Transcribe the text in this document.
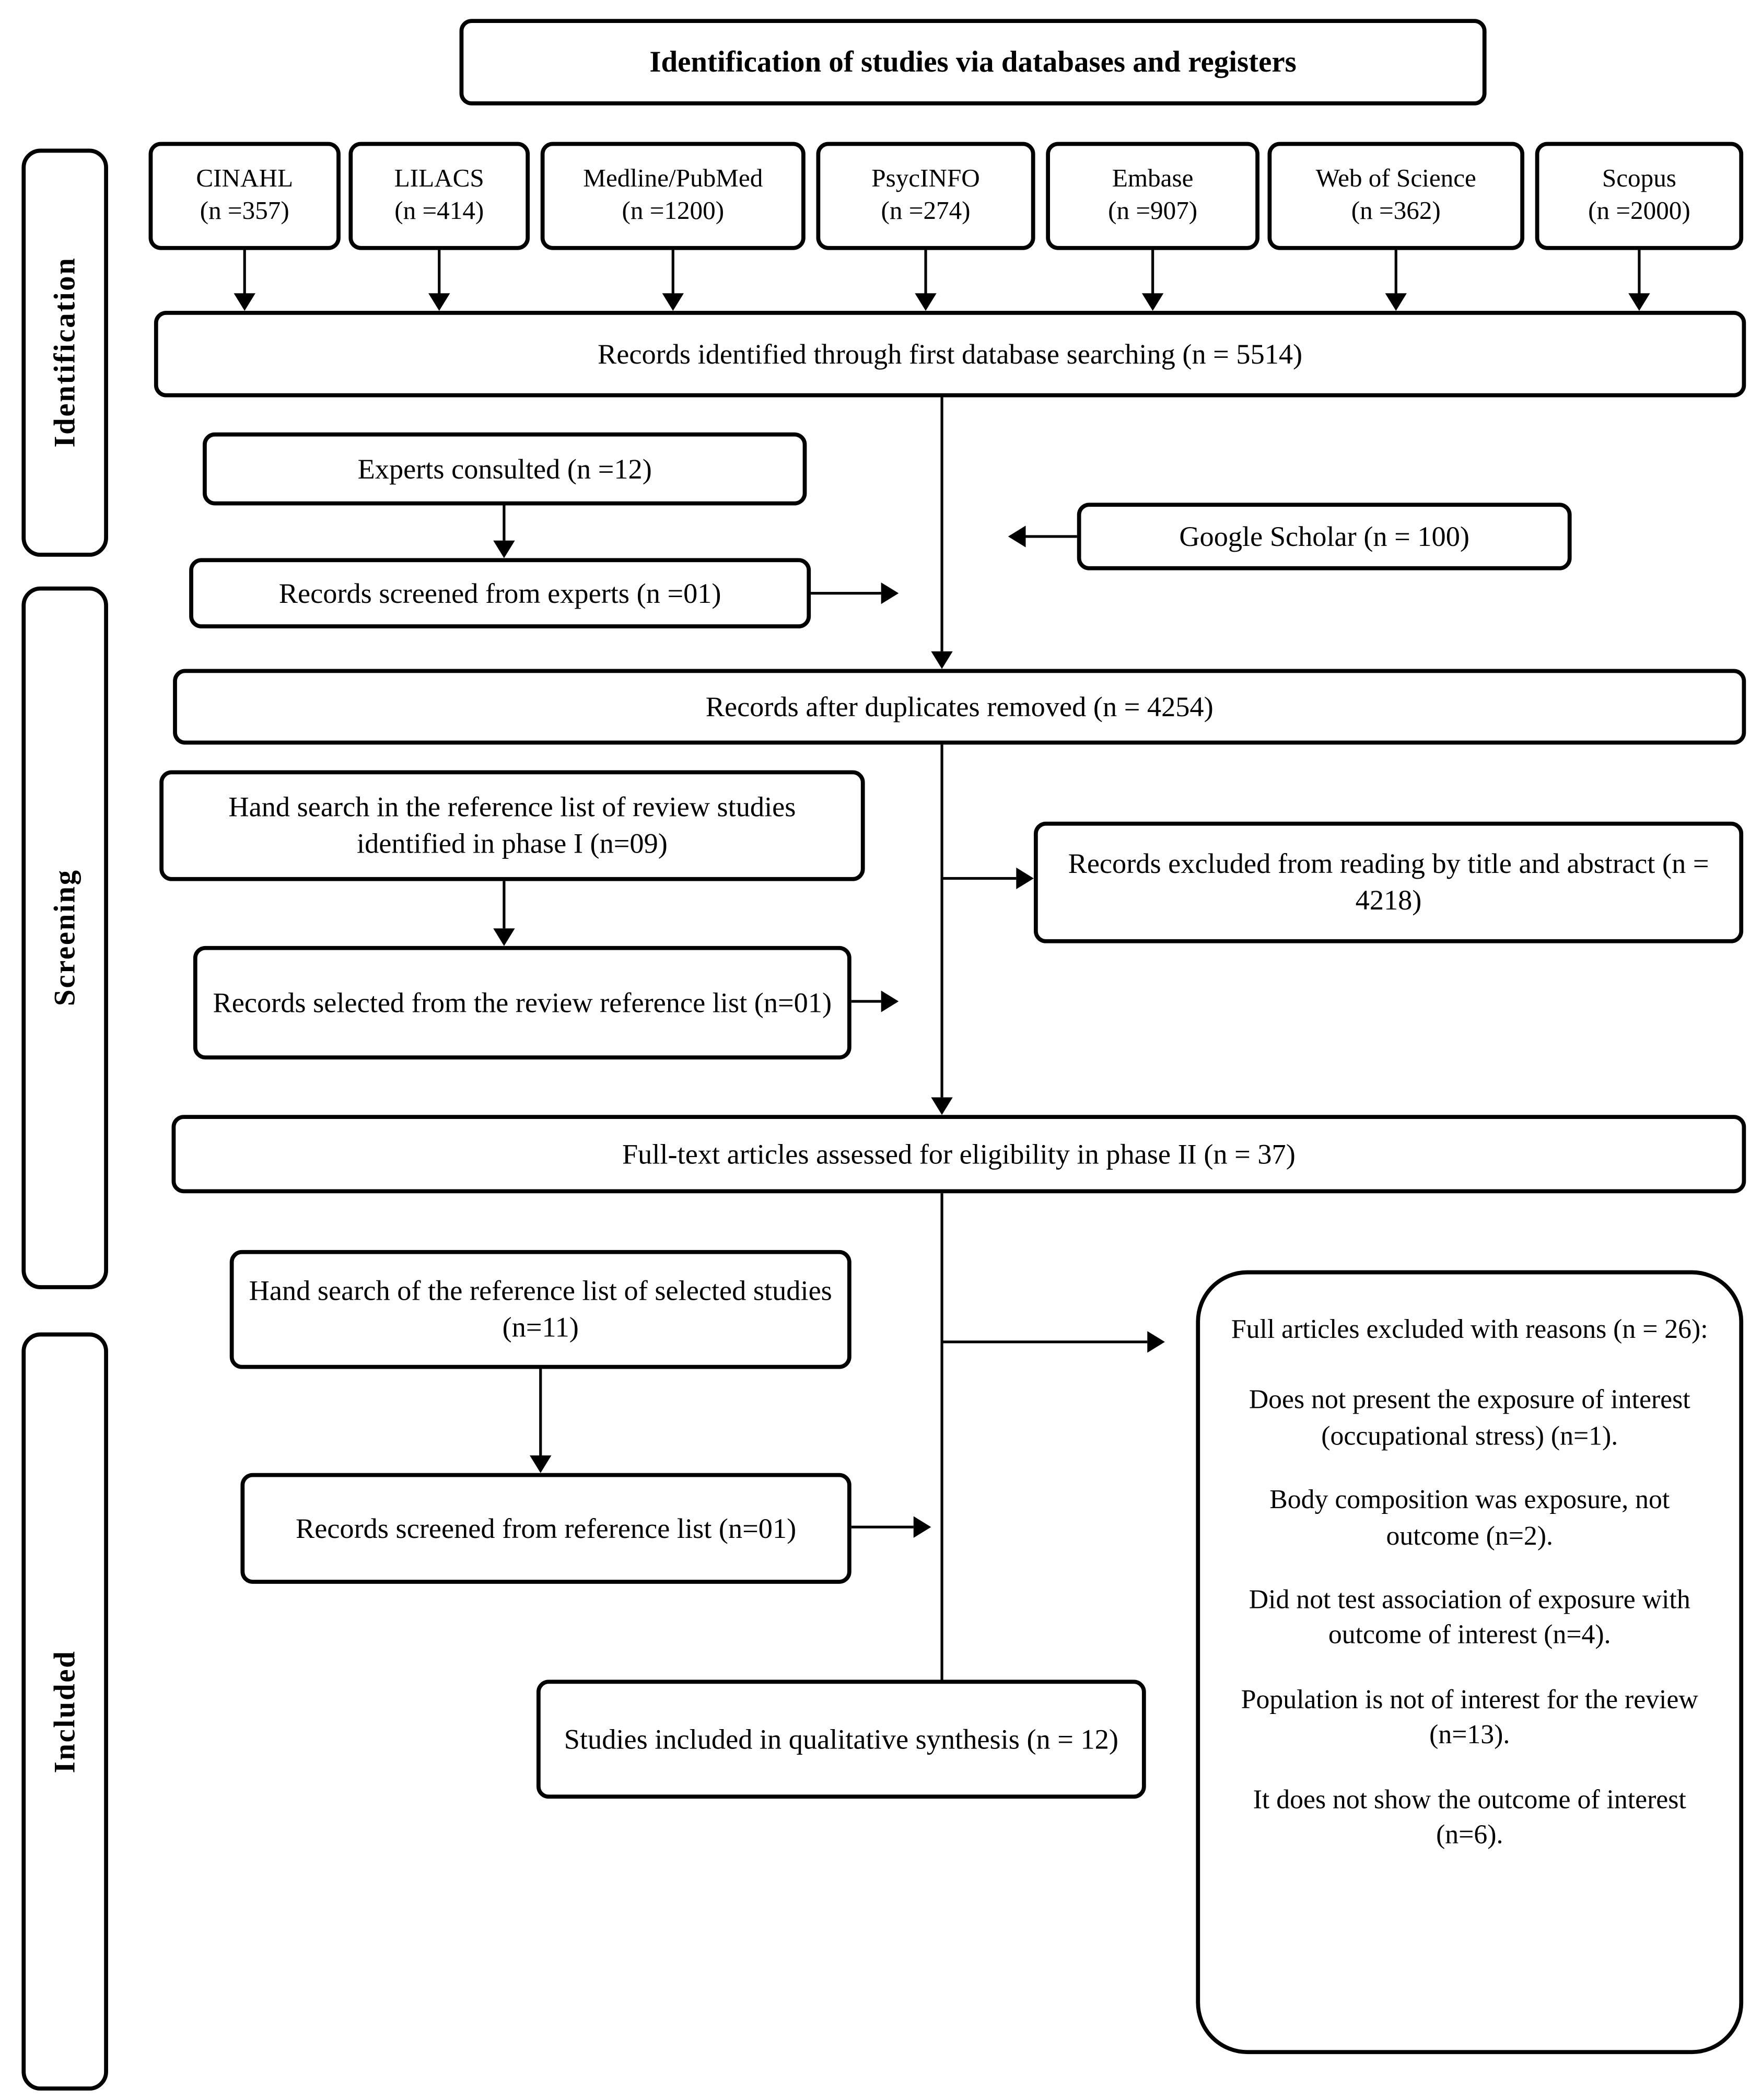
Identification of studies via databases and registers
Identification
Screening
Included
CINAHL
(n =357)
LILACS
(n =414)
Medline/PubMed
(n =1200)
PsycINFO
(n =274)
Embase
(n =907)
Web of Science
(n =362)
Scopus
(n =2000)
Records identified through first database searching (n = 5514)
Experts consulted (n =12)
Records screened from experts (n =01)
Google Scholar (n = 100)
Records after duplicates removed (n = 4254)
Hand search in the reference list of review studies identified in phase I (n=09)
Records selected from the review reference list (n=01)
Records excluded from reading by title and abstract (n = 4218)
Full-text articles assessed for eligibility in phase II (n = 37)
Hand search of the reference list of selected studies (n=11)
Records screened from reference list (n=01)

Full articles excluded with reasons (n = 26):

Does not present the exposure of interest (occupational stress) (n=1).

Body composition was exposure, not outcome (n=2).

Did not test association of exposure with outcome of interest (n=4).

Population is not of interest for the review (n=13).

It does not show the outcome of interest (n=6).

Studies included in qualitative synthesis (n = 12)
